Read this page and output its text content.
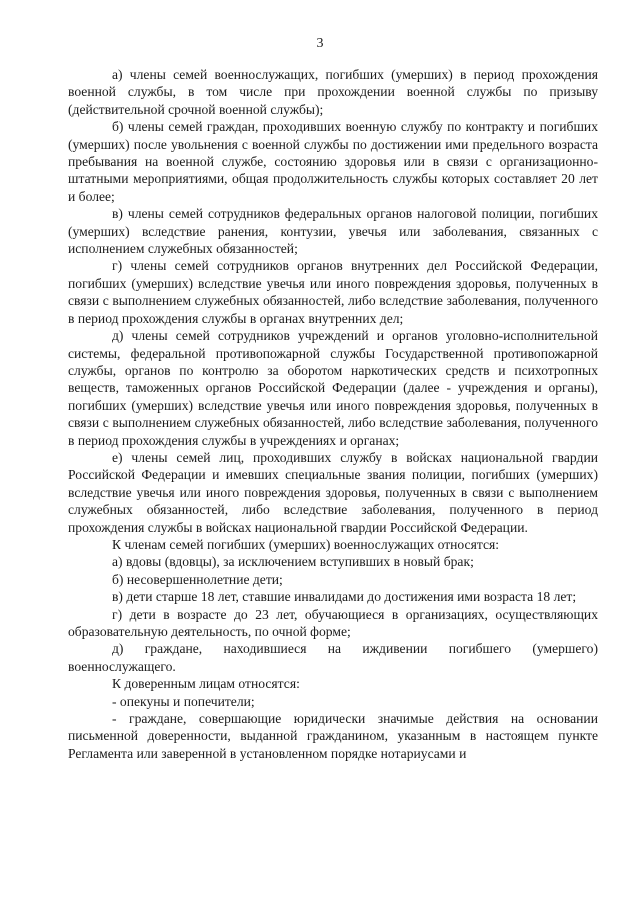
3

а) члены семей военнослужащих, погибших (умерших) в период прохождения военной службы, в том числе при прохождении военной службы по призыву (действительной срочной военной службы);

б) члены семей граждан, проходивших военную службу по контракту и погибших (умерших) после увольнения с военной службы по достижении ими предельного возраста пребывания на военной службе, состоянию здоровья или в связи с организационно-штатными мероприятиями, общая продолжительность службы которых составляет 20 лет и более;

в) члены семей сотрудников федеральных органов налоговой полиции, погибших (умерших) вследствие ранения, контузии, увечья или заболевания, связанных с исполнением служебных обязанностей;

г) члены семей сотрудников органов внутренних дел Российской Федерации, погибших (умерших) вследствие увечья или иного повреждения здоровья, полученных в связи с выполнением служебных обязанностей, либо вследствие заболевания, полученного в период прохождения службы в органах внутренних дел;

д) члены семей сотрудников учреждений и органов уголовно-исполнительной системы, федеральной противопожарной службы Государственной противопожарной службы, органов по контролю за оборотом наркотических средств и психотропных веществ, таможенных органов Российской Федерации (далее - учреждения и органы), погибших (умерших) вследствие увечья или иного повреждения здоровья, полученных в связи с выполнением служебных обязанностей, либо вследствие заболевания, полученного в период прохождения службы в учреждениях и органах;

е) члены семей лиц, проходивших службу в войсках национальной гвардии Российской Федерации и имевших специальные звания полиции, погибших (умерших) вследствие увечья или иного повреждения здоровья, полученных в связи с выполнением служебных обязанностей, либо вследствие заболевания, полученного в период прохождения службы в войсках национальной гвардии Российской Федерации.

К членам семей погибших (умерших) военнослужащих относятся:

а) вдовы (вдовцы), за исключением вступивших в новый брак;

б) несовершеннолетние дети;

в) дети старше 18 лет, ставшие инвалидами до достижения ими возраста 18 лет;

г) дети в возрасте до 23 лет, обучающиеся в организациях, осуществляющих образовательную деятельность, по очной форме;

д) граждане, находившиеся на иждивении погибшего (умершего) военнослужащего.

К доверенным лицам относятся:

- опекуны и попечители;

- граждане, совершающие юридически значимые действия на основании письменной доверенности, выданной гражданином, указанным в настоящем пункте Регламента или заверенной в установленном порядке нотариусами и
